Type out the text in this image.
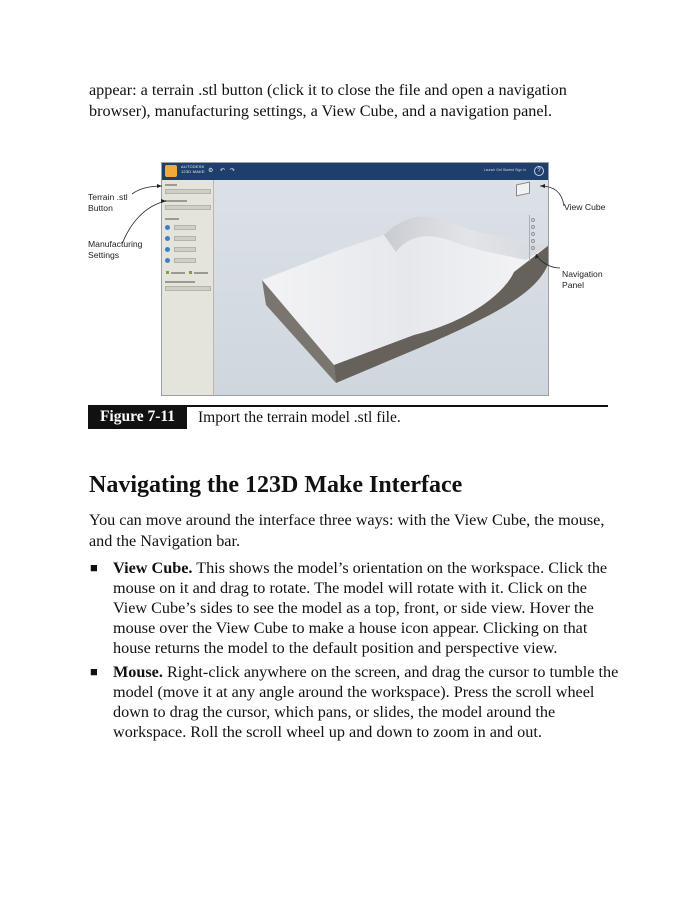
appear: a terrain .stl button (click it to close the file and open a navigation browser), manufacturing settings, a View Cube, and a navigation panel.

AUTODESK
123D MAKE ⚙ ↶ ↷	Launch Get Started Sign In	?
Terrain .stl
Button
Manufacturing
Settings
View Cube
Navigation
Panel
Figure 7-11	Import the terrain model .stl file.
Navigating the 123D Make Interface

You can move around the interface three ways: with the View Cube, the mouse, and the Navigation bar.

■ View Cube. This shows the model’s orientation on the workspace. Click the mouse on it and drag to rotate. The model will rotate with it. Click on the View Cube’s sides to see the model as a top, front, or side view. Hover the mouse over the View Cube to make a house icon appear. Clicking on that house returns the model to the default position and perspective view.
■ Mouse. Right-click anywhere on the screen, and drag the cursor to tumble the model (move it at any angle around the workspace). Press the scroll wheel down to drag the cursor, which pans, or slides, the model around the workspace. Roll the scroll wheel up and down to zoom in and out.
